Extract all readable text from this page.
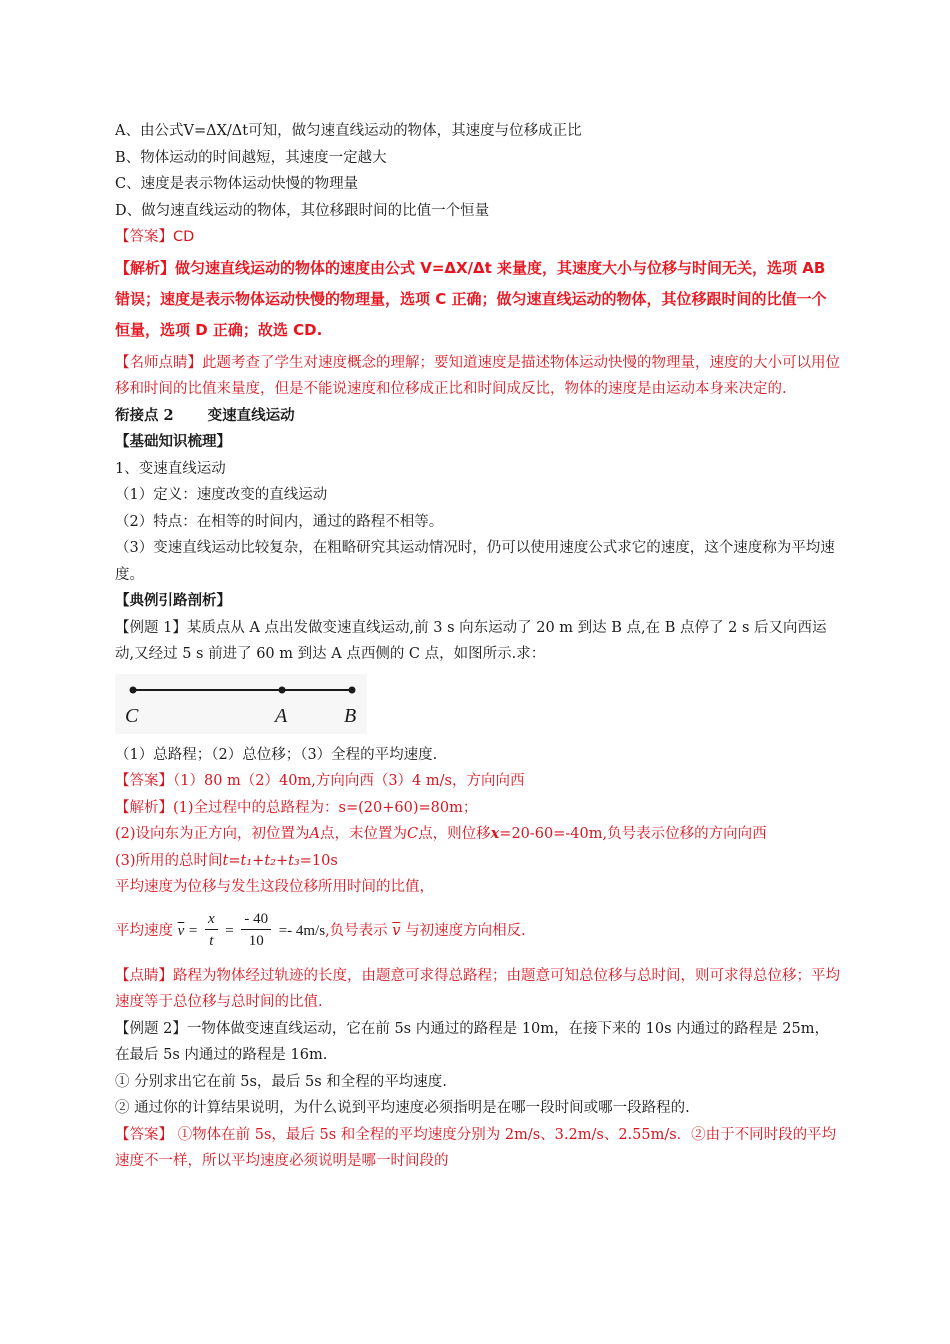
A、由公式V=ΔX/Δt可知，做匀速直线运动的物体，其速度与位移成正比
B、物体运动的时间越短，其速度一定越大
C、速度是表示物体运动快慢的物理量
D、做匀速直线运动的物体，其位移跟时间的比值一个恒量
【答案】CD
【解析】做匀速直线运动的物体的速度由公式 V=ΔX/Δt 来量度，其速度大小与位移与时间无关，选项 AB 错误；速度是表示物体运动快慢的物理量，选项 C 正确；做匀速直线运动的物体，其位移跟时间的比值一个恒量，选项 D 正确；故选 CD.
【名师点睛】此题考查了学生对速度概念的理解；要知道速度是描述物体运动快慢的物理量，速度的大小可以用位移和时间的比值来量度，但是不能说速度和位移成正比和时间成反比，物体的速度是由运动本身来决定的.
衔接点 2 变速直线运动
【基础知识梳理】
1、变速直线运动
（1）定义：速度改变的直线运动
（2）特点：在相等的时间内，通过的路程不相等。
（3）变速直线运动比较复杂，在粗略研究其运动情况时，仍可以使用速度公式求它的速度，这个速度称为平均速度。
【典例引路剖析】
【例题 1】某质点从 A 点出发做变速直线运动,前 3 s 向东运动了 20 m 到达 B 点,在 B 点停了 2 s 后又向西运动,又经过 5 s 前进了 60 m 到达 A 点西侧的 C 点，如图所示.求：
C	A	B
（1）总路程；（2）总位移；（3）全程的平均速度.
【答案】（1）80 m（2）40m,方向向西（3）4 m/s，方向向西
【解析】(1)全过程中的总路程为：s=(20+60)=80m；
(2)设向东为正方向，初位置为A点，末位置为C点，则位移x=20-60=-40m,负号表示位移的方向向西
(3)所用的总时间t=t₁+t₂+t₃=10s
平均速度为位移与发生这段位移所用时间的比值，
平均速度 $\overline{v} = \frac{x}{t} = \frac{- 40}{10} =- 4m/s$,负号表示 $\overline{v}$ 与初速度方向相反.
【点睛】路程为物体经过轨迹的长度，由题意可求得总路程；由题意可知总位移与总时间，则可求得总位移；平均速度等于总位移与总时间的比值.
【例题 2】一物体做变速直线运动，它在前 5s 内通过的路程是 10m，在接下来的 10s 内通过的路程是 25m，在最后 5s 内通过的路程是 16m.
① 分别求出它在前 5s，最后 5s 和全程的平均速度.
② 通过你的计算结果说明，为什么说到平均速度必须指明是在哪一段时间或哪一段路程的.
【答案】 ①物体在前 5s，最后 5s 和全程的平均速度分别为 2m/s、3.2m/s、2.55m/s．②由于不同时段的平均速度不一样，所以平均速度必须说明是哪一时间段的
